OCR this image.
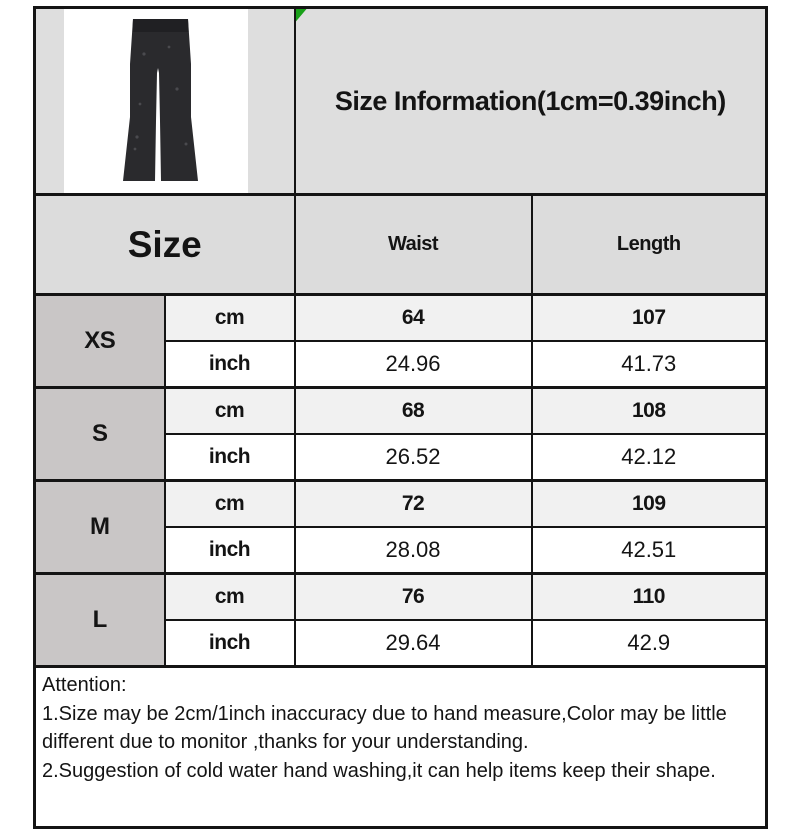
Size Information(1cm=0.39inch)	

Size		Waist	Length
XS	cm	64	107
	inch	24.96	41.73
S	cm	68	108
	inch	26.52	42.12
M	cm	72	109
	inch	28.08	42.51
L	cm	76	110
	inch	29.64	42.9

Attention:
1.Size may be 2cm/1inch inaccuracy due to hand measure,Color may be little
different due to monitor ,thanks for your understanding.
2.Suggestion of cold water hand washing,it can help items keep their shape.			
